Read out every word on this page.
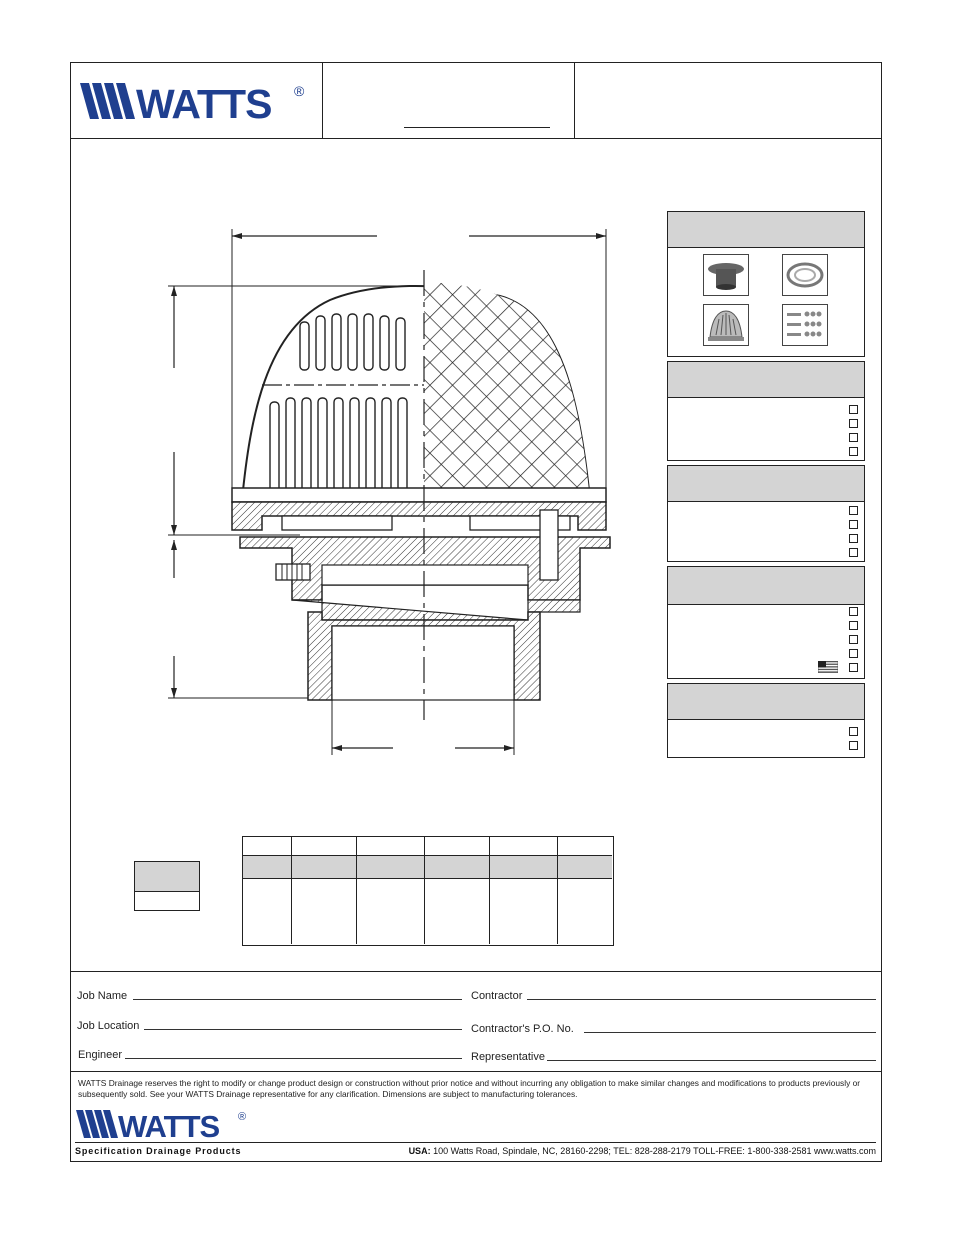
WATTS ®
Job Name	Contractor
Job Location	Contractor's P.O. No.
Engineer	Representative
WATTS Drainage reserves the right to modify or change product design or construction without prior notice and without incurring any obligation to make similar changes and modifications to products previously or subsequently sold. See your WATTS Drainage representative for any clarification. Dimensions are subject to manufacturing tolerances.
WATTS ®
Specification Drainage Products	USA: 100 Watts Road, Spindale, NC, 28160-2298; TEL: 828-288-2179 TOLL-FREE: 1-800-338-2581 www.watts.com
